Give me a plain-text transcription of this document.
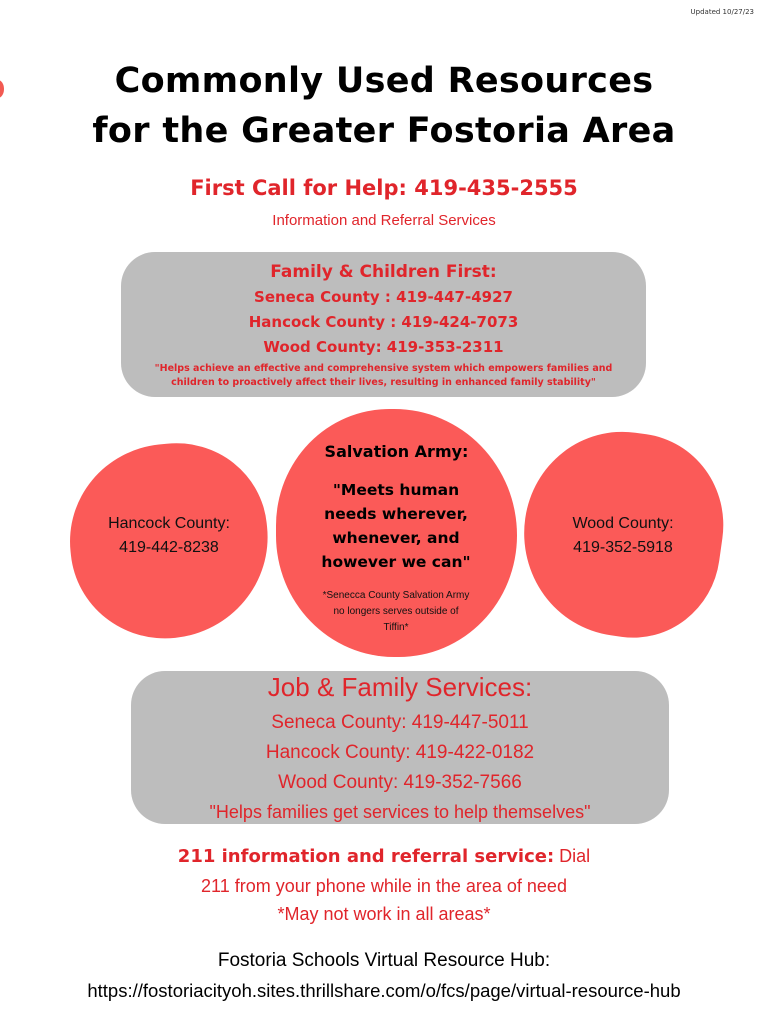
Updated 10/27/23
Commonly Used Resources
for the Greater Fostoria Area
First Call for Help: 419-435-2555
Information and Referral Services
Family & Children First:
Seneca County : 419-447-4927
Hancock County : 419-424-7073
Wood County: 419-353-2311
"Helps achieve an effective and comprehensive system which empowers families and
children to proactively affect their lives, resulting in enhanced family stability"
Hancock County:
419-442-8238
Salvation Army:
"Meets human
needs wherever,
whenever, and
however we can"
*Senecca County Salvation Army
no longers serves outside of
Tiffin*
Wood County:
419-352-5918
Job & Family Services:
Seneca County: 419-447-5011
Hancock County: 419-422-0182
Wood County: 419-352-7566
"Helps families get services to help themselves"
211 information and referral service: Dial
211 from your phone while in the area of need
*May not work in all areas*
Fostoria Schools Virtual Resource Hub:
https://fostoriacityoh.sites.thrillshare.com/o/fcs/page/virtual-resource-hub
